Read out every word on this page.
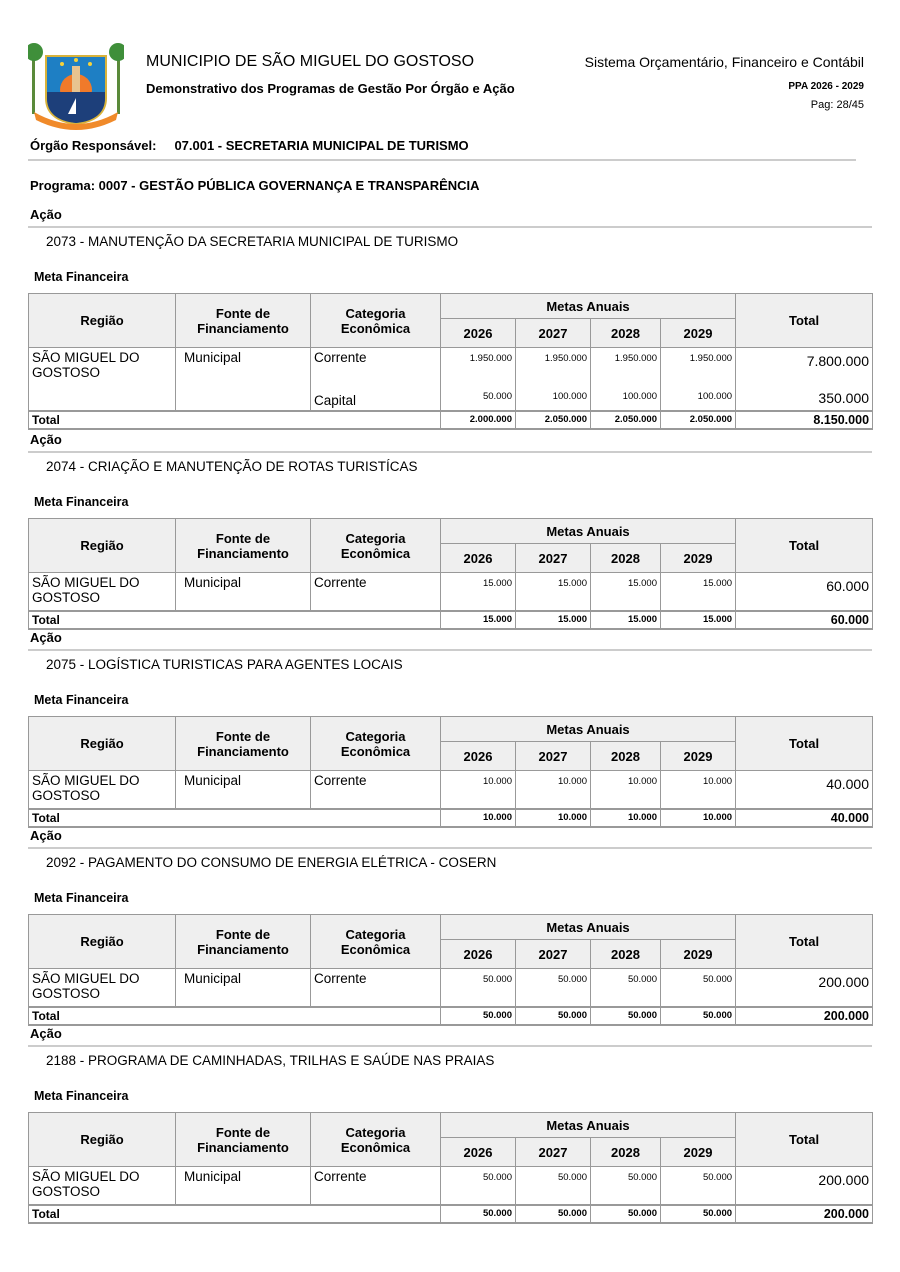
MUNICIPIO DE SÃO MIGUEL DO GOSTOSO
Demonstrativo dos Programas de Gestão Por Órgão e Ação
Sistema Orçamentário, Financeiro e Contábil
PPA 2026 - 2029
Pag: 28/45
Órgão Responsável: 07.001 - SECRETARIA MUNICIPAL DE TURISMO
Programa: 0007 - GESTÃO PÚBLICA GOVERNANÇA E TRANSPARÊNCIA
Ação
2073 - MANUTENÇÃO DA SECRETARIA MUNICIPAL DE TURISMO
Meta Financeira
Região	Fonte de Financiamento	Categoria Econômica	Metas Anuais				Total
			2026	2027	2028	2029	
SÃO MIGUEL DO GOSTOSO	Municipal	Corrente	1.950.000	1.950.000	1.950.000	1.950.000	7.800.000
		Capital	50.000	100.000	100.000	100.000	350.000
Total			2.000.000	2.050.000	2.050.000	2.050.000	8.150.000
Ação
2074 - CRIAÇÃO E MANUTENÇÃO DE ROTAS TURISTÍCAS
Meta Financeira
Região	Fonte de Financiamento	Categoria Econômica	Metas Anuais				Total
			2026	2027	2028	2029	
SÃO MIGUEL DO GOSTOSO	Municipal	Corrente	15.000	15.000	15.000	15.000	60.000
Total			15.000	15.000	15.000	15.000	60.000
Ação
2075 - LOGÍSTICA TURISTICAS PARA AGENTES LOCAIS
Meta Financeira
Região	Fonte de Financiamento	Categoria Econômica	Metas Anuais				Total
			2026	2027	2028	2029	
SÃO MIGUEL DO GOSTOSO	Municipal	Corrente	10.000	10.000	10.000	10.000	40.000
Total			10.000	10.000	10.000	10.000	40.000
Ação
2092 - PAGAMENTO DO CONSUMO DE ENERGIA ELÉTRICA - COSERN
Meta Financeira
Região	Fonte de Financiamento	Categoria Econômica	Metas Anuais				Total
			2026	2027	2028	2029	
SÃO MIGUEL DO GOSTOSO	Municipal	Corrente	50.000	50.000	50.000	50.000	200.000
Total			50.000	50.000	50.000	50.000	200.000
Ação
2188 - PROGRAMA DE CAMINHADAS, TRILHAS E SAÚDE NAS PRAIAS
Meta Financeira
Região	Fonte de Financiamento	Categoria Econômica	Metas Anuais				Total
			2026	2027	2028	2029	
SÃO MIGUEL DO GOSTOSO	Municipal	Corrente	50.000	50.000	50.000	50.000	200.000
Total			50.000	50.000	50.000	50.000	200.000
